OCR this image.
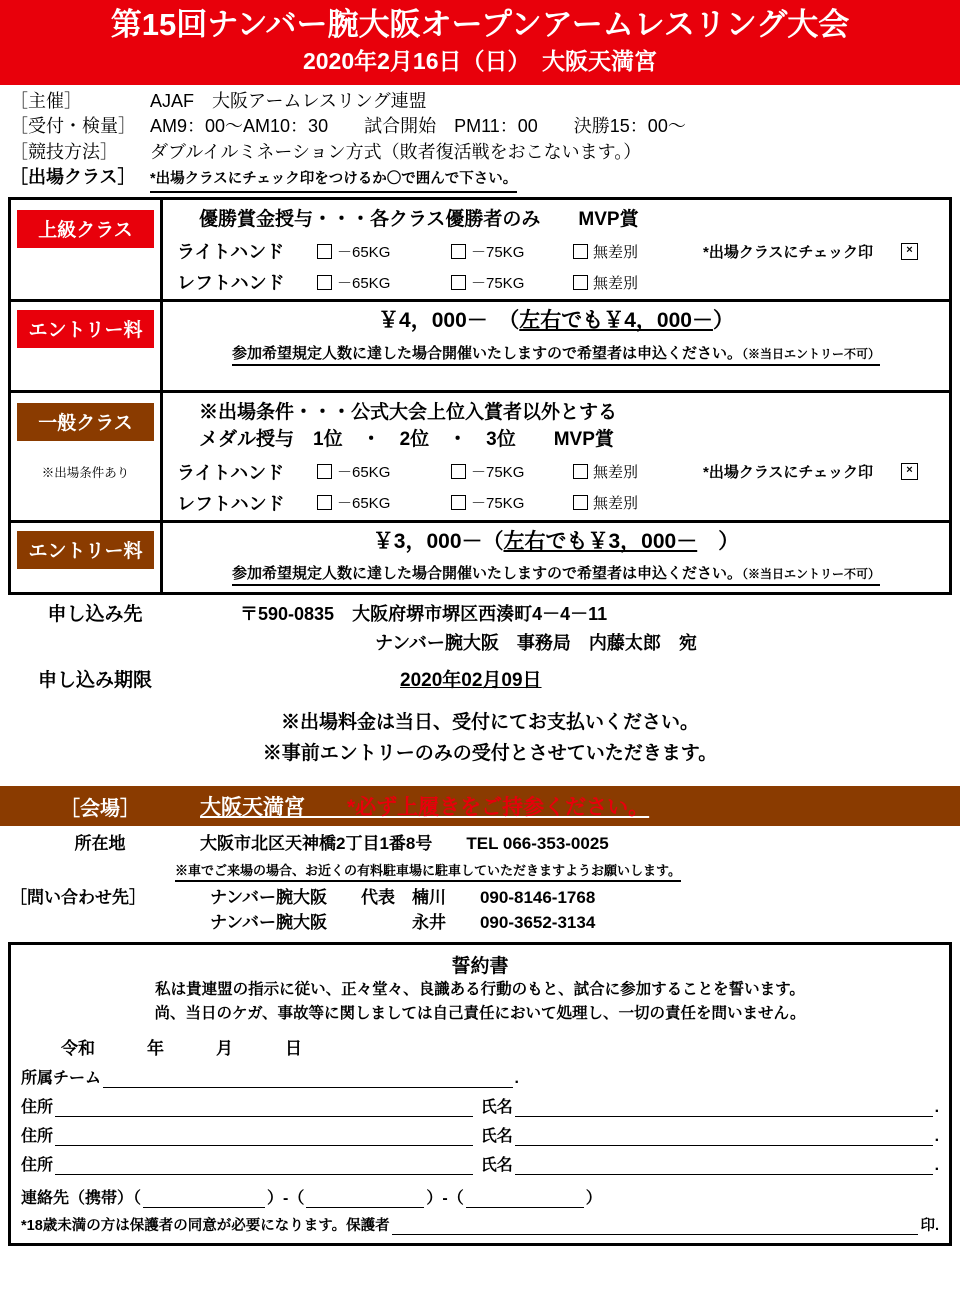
第15回ナンバー腕大阪オープンアームレスリング大会
2020年2月16日（日）　大阪天満宮
［主催］	AJAF　大阪アームレスリング連盟
［受付・検量］ AM9：00～AM10：30　　試合開始　PM11：00　　決勝15：00～
［競技方法］	ダブルイルミネーション方式（敗者復活戦をおこないます。）
［出場クラス］	*出場クラスにチェック印をつけるか〇で囲んで下さい。
上級クラス
優勝賞金授与・・・各クラス優勝者のみ　　MVP賞
ライトハンド	－65KG	－75KG	無差別	*出場クラスにチェック印	×
レフトハンド	－65KG	－75KG	無差別
エントリー料	￥4，000－　（左右でも￥4，000－）
参加希望規定人数に達した場合開催いたしますので希望者は申込ください。（※当日エントリー不可）
一般クラス
※出場条件あり
※出場条件・・・公式大会上位入賞者以外とする
メダル授与　1位　・　2位　・　3位　　MVP賞
ライトハンド	－65KG	－75KG	無差別	*出場クラスにチェック印	×
レフトハンド	－65KG	－75KG	無差別
エントリー料	￥3，000－（左右でも￥3，000－　）
参加希望規定人数に達した場合開催いたしますので希望者は申込ください。（※当日エントリー不可）
申し込み先	〒590-0835　大阪府堺市堺区西湊町4－4－11
ナンバー腕大阪　事務局　内藤太郎　宛
申し込み期限	2020年02月09日
※出場料金は当日、受付にてお支払いください。
※事前エントリーのみの受付とさせていただきます。
［会場］	大阪天満宮　　 *必ず上履きをご持参ください。
所在地	大阪市北区天神橋2丁目1番8号　　TEL 066-353-0025
※車でご来場の場合、お近くの有料駐車場に駐車していただきますようお願いします。
［問い合わせ先］	ナンバー腕大阪　　 代表　楠川　　 090-8146-1768
ナンバー腕大阪　　　　　	永井　　 090-3652-3134
誓約書
私は貴連盟の指示に従い、正々堂々、良識ある行動のもと、試合に参加することを誓います。
尚、当日のケガ、事故等に関しましては自己責任において処理し、一切の責任を問いません。
令和	年	月	日
所属チーム	.
住所	氏名	.
住所	氏名	.
住所	氏名	.
連絡先（携帯）（	）-（	）-（	）
*18歳未満の方は保護者の同意が必要になります。保護者	印.
